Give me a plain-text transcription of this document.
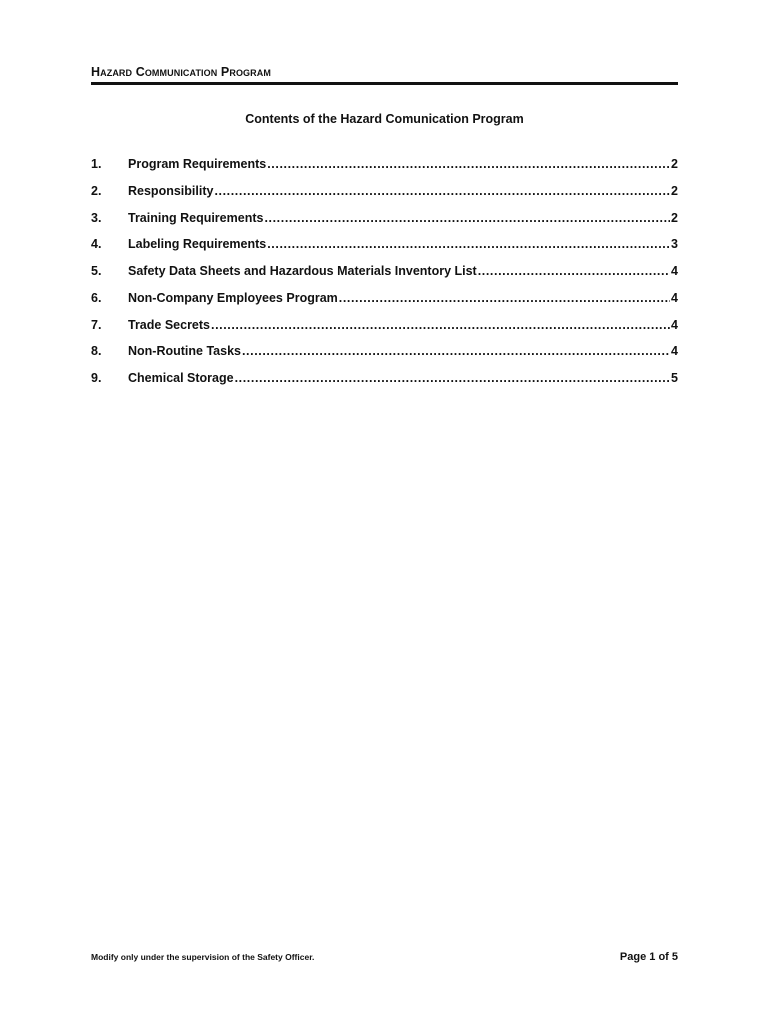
Hazard Communication Program

Contents of the Hazard Comunication Program

1.	Program Requirements .....	2
2.	Responsibility .....	2
3.	Training Requirements .....	2
4.	Labeling Requirements .....	3
5.	Safety Data Sheets and Hazardous Materials Inventory List .....	4
6.	Non-Company Employees Program .....	4
7.	Trade Secrets .....	4
8.	Non-Routine Tasks .....	4
9.	Chemical Storage .....	5

Modify only under the supervision of the Safety Officer.	Page 1 of 5
